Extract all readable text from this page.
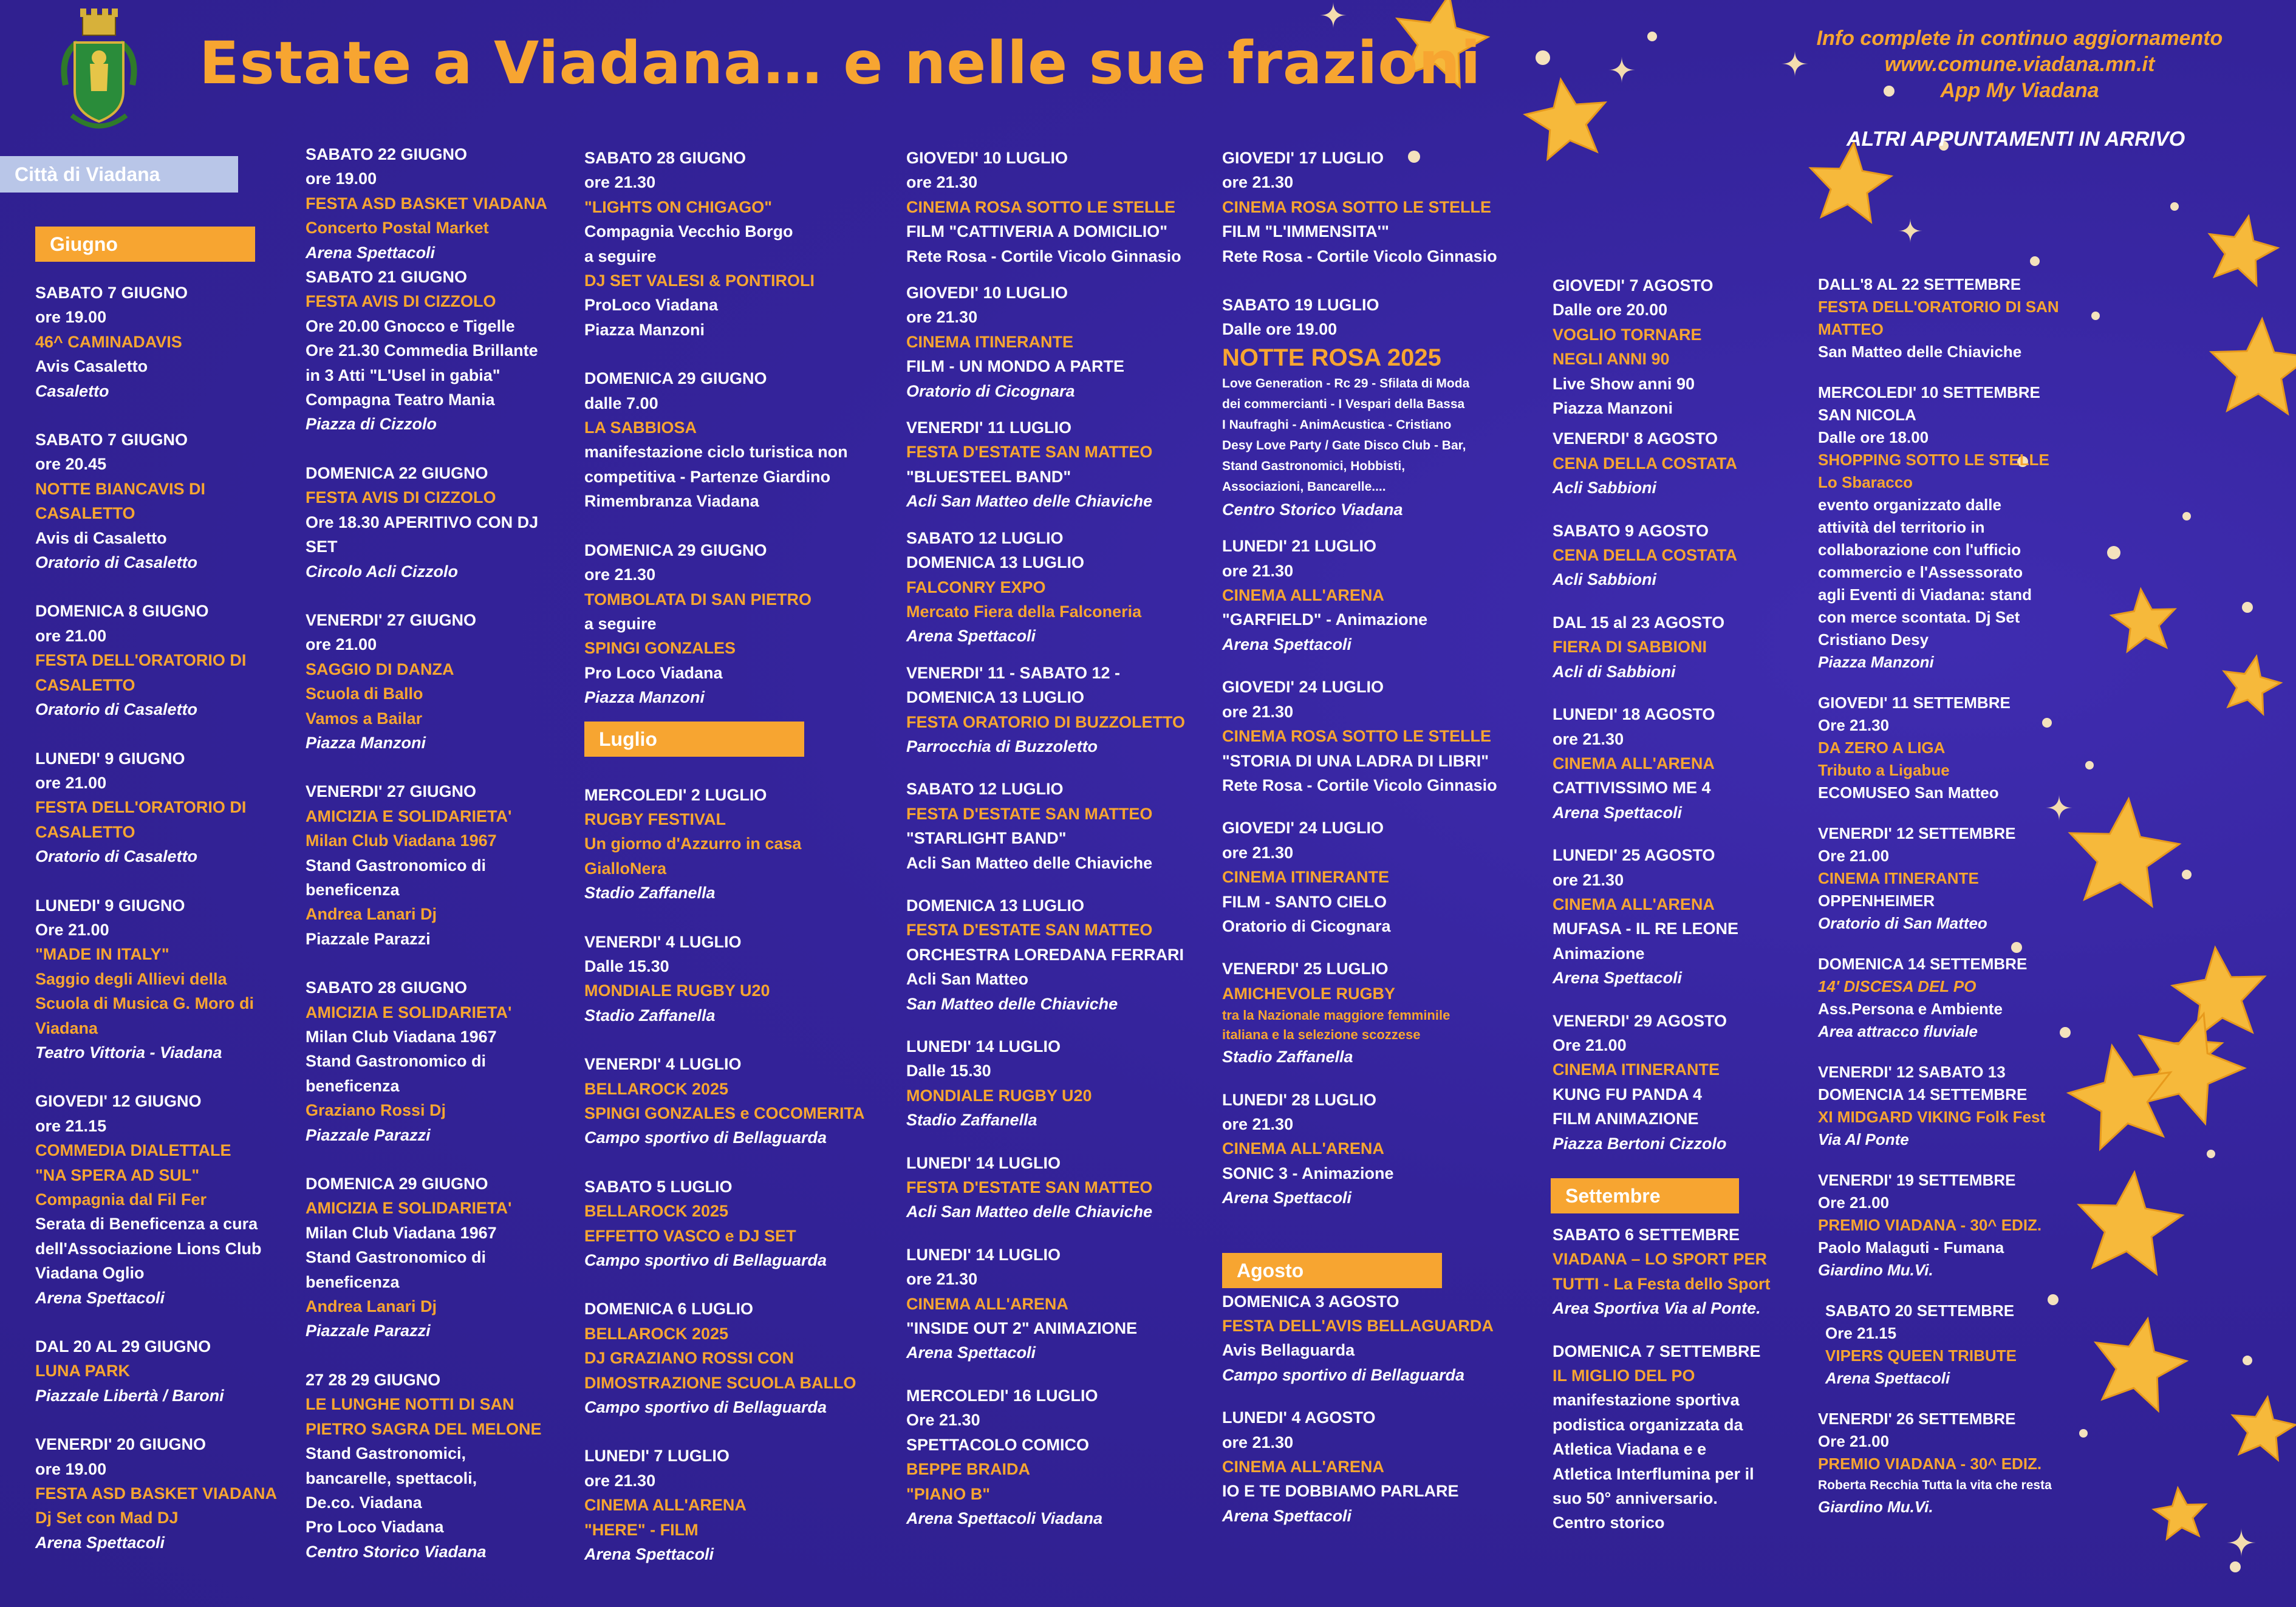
Estate a Viadana… e nelle sue frazioni	Info complete in continuo aggiornamento
www.comune.viadana.mn.it
App My Viadana
ALTRI APPUNTAMENTI IN ARRIVO
Città di Viadana
Giugno
Luglio
Agosto
Settembre
SABATO 7 GIUGNO
ore 19.00
46^ CAMINADAVIS
Avis Casaletto
Casaletto
SABATO 7 GIUGNO
ore 20.45
NOTTE BIANCAVIS DI
CASALETTO
Avis di Casaletto
Oratorio di Casaletto
DOMENICA 8 GIUGNO
ore 21.00
FESTA DELL'ORATORIO DI
CASALETTO
Oratorio di Casaletto
LUNEDI' 9 GIUGNO
ore 21.00
FESTA DELL'ORATORIO DI
CASALETTO
Oratorio di Casaletto
LUNEDI' 9 GIUGNO
Ore 21.00
"MADE IN ITALY"
Saggio degli Allievi della
Scuola di Musica G. Moro di
Viadana
Teatro Vittoria - Viadana
GIOVEDI' 12 GIUGNO
ore 21.15
COMMEDIA DIALETTALE
"NA SPERA AD SUL"
Compagnia dal Fil Fer
Serata di Beneficenza a cura
dell'Associazione Lions Club
Viadana Oglio
Arena Spettacoli
DAL 20 AL 29 GIUGNO
LUNA PARK
Piazzale Libertà / Baroni
VENERDI' 20 GIUGNO
ore 19.00
FESTA ASD BASKET VIADANA
Dj Set con Mad DJ
Arena Spettacoli
SABATO 22 GIUGNO
ore 19.00
FESTA ASD BASKET VIADANA
Concerto Postal Market
Arena Spettacoli
SABATO 21 GIUGNO
FESTA AVIS DI CIZZOLO
Ore 20.00 Gnocco e Tigelle
Ore 21.30 Commedia Brillante
in 3 Atti "L'Usel in gabia"
Compagna Teatro Mania
Piazza di Cizzolo
DOMENICA 22 GIUGNO
FESTA AVIS DI CIZZOLO
Ore 18.30 APERITIVO CON DJ
SET
Circolo Acli Cizzolo
VENERDI' 27 GIUGNO
ore 21.00
SAGGIO DI DANZA
Scuola di Ballo
Vamos a Bailar
Piazza Manzoni
VENERDI' 27 GIUGNO
AMICIZIA E SOLIDARIETA'
Milan Club Viadana 1967
Stand Gastronomico di
beneficenza
Andrea Lanari Dj
Piazzale Parazzi
SABATO 28 GIUGNO
AMICIZIA E SOLIDARIETA'
Milan Club Viadana 1967
Stand Gastronomico di
beneficenza
Graziano Rossi Dj
Piazzale Parazzi
DOMENICA 29 GIUGNO
AMICIZIA E SOLIDARIETA'
Milan Club Viadana 1967
Stand Gastronomico di
beneficenza
Andrea Lanari Dj
Piazzale Parazzi
27 28 29 GIUGNO
LE LUNGHE NOTTI DI SAN
PIETRO SAGRA DEL MELONE
Stand Gastronomici,
bancarelle, spettacoli,
De.co. Viadana
Pro Loco Viadana
Centro Storico Viadana
SABATO 28 GIUGNO
ore 21.30
"LIGHTS ON CHIGAGO"
Compagnia Vecchio Borgo
a seguire
DJ SET VALESI & PONTIROLI
ProLoco Viadana
Piazza Manzoni
DOMENICA 29 GIUGNO
dalle 7.00
LA SABBIOSA
manifestazione ciclo turistica non
competitiva - Partenze Giardino
Rimembranza Viadana
DOMENICA 29 GIUGNO
ore 21.30
TOMBOLATA DI SAN PIETRO
a seguire
SPINGI GONZALES
Pro Loco Viadana
Piazza Manzoni
MERCOLEDI' 2 LUGLIO
RUGBY FESTIVAL
Un giorno d'Azzurro in casa
GialloNera
Stadio Zaffanella
VENERDI' 4 LUGLIO
Dalle 15.30
MONDIALE RUGBY U20
Stadio Zaffanella
VENERDI' 4 LUGLIO
BELLAROCK 2025
SPINGI GONZALES e COCOMERITA
Campo sportivo di Bellaguarda
SABATO 5 LUGLIO
BELLAROCK 2025
EFFETTO VASCO e DJ SET
Campo sportivo di Bellaguarda
DOMENICA 6 LUGLIO
BELLAROCK 2025
DJ GRAZIANO ROSSI CON
DIMOSTRAZIONE SCUOLA BALLO
Campo sportivo di Bellaguarda
LUNEDI' 7 LUGLIO
ore 21.30
CINEMA ALL'ARENA
"HERE" - FILM
Arena Spettacoli
GIOVEDI' 10 LUGLIO
ore 21.30
CINEMA ROSA SOTTO LE STELLE
FILM "CATTIVERIA A DOMICILIO"
Rete Rosa - Cortile Vicolo Ginnasio
GIOVEDI' 10 LUGLIO
ore 21.30
CINEMA ITINERANTE
FILM - UN MONDO A PARTE
Oratorio di Cicognara
VENERDI' 11 LUGLIO
FESTA D'ESTATE SAN MATTEO
"BLUESTEEL BAND"
Acli San Matteo delle Chiaviche
SABATO 12 LUGLIO
DOMENICA 13 LUGLIO
FALCONRY EXPO
Mercato Fiera della Falconeria
Arena Spettacoli
VENERDI' 11 - SABATO 12 -
DOMENICA 13 LUGLIO
FESTA ORATORIO DI BUZZOLETTO
Parrocchia di Buzzoletto
SABATO 12 LUGLIO
FESTA D'ESTATE SAN MATTEO
"STARLIGHT BAND"
Acli San Matteo delle Chiaviche
DOMENICA 13 LUGLIO
FESTA D'ESTATE SAN MATTEO
ORCHESTRA LOREDANA FERRARI
Acli San Matteo
San Matteo delle Chiaviche
LUNEDI' 14 LUGLIO
Dalle 15.30
MONDIALE RUGBY U20
Stadio Zaffanella
LUNEDI' 14 LUGLIO
FESTA D'ESTATE SAN MATTEO
Acli San Matteo delle Chiaviche
LUNEDI' 14 LUGLIO
ore 21.30
CINEMA ALL'ARENA
"INSIDE OUT 2" ANIMAZIONE
Arena Spettacoli
MERCOLEDI' 16 LUGLIO
Ore 21.30
SPETTACOLO COMICO
BEPPE BRAIDA
"PIANO B"
Arena Spettacoli Viadana
GIOVEDI' 17 LUGLIO
ore 21.30
CINEMA ROSA SOTTO LE STELLE
FILM "L'IMMENSITA'"
Rete Rosa - Cortile Vicolo Ginnasio
SABATO 19 LUGLIO
Dalle ore 19.00
NOTTE ROSA 2025
Love Generation - Rc 29 - Sfilata di Moda
dei commercianti - I Vespari della Bassa
I Naufraghi - AnimAcustica - Cristiano
Desy Love Party / Gate Disco Club - Bar,
Stand Gastronomici, Hobbisti,
Associazioni, Bancarelle....
Centro Storico Viadana
LUNEDI' 21 LUGLIO
ore 21.30
CINEMA ALL'ARENA
"GARFIELD" - Animazione
Arena Spettacoli
GIOVEDI' 24 LUGLIO
ore 21.30
CINEMA ROSA SOTTO LE STELLE
"STORIA DI UNA LADRA DI LIBRI"
Rete Rosa - Cortile Vicolo Ginnasio
GIOVEDI' 24 LUGLIO
ore 21.30
CINEMA ITINERANTE
FILM - SANTO CIELO
Oratorio di Cicognara
VENERDI' 25 LUGLIO
AMICHEVOLE RUGBY
tra la Nazionale maggiore femminile
italiana e la selezione scozzese
Stadio Zaffanella
LUNEDI' 28 LUGLIO
ore 21.30
CINEMA ALL'ARENA
SONIC 3 - Animazione
Arena Spettacoli
DOMENICA 3 AGOSTO
FESTA DELL'AVIS BELLAGUARDA
Avis Bellaguarda
Campo sportivo di Bellaguarda
LUNEDI' 4 AGOSTO
ore 21.30
CINEMA ALL'ARENA
IO E TE DOBBIAMO PARLARE
Arena Spettacoli
GIOVEDI' 7 AGOSTO
Dalle ore 20.00
VOGLIO TORNARE
NEGLI ANNI 90
Live Show anni 90
Piazza Manzoni
VENERDI' 8 AGOSTO
CENA DELLA COSTATA
Acli Sabbioni
SABATO 9 AGOSTO
CENA DELLA COSTATA
Acli Sabbioni
DAL 15 al 23 AGOSTO
FIERA DI SABBIONI
Acli di Sabbioni
LUNEDI' 18 AGOSTO
ore 21.30
CINEMA ALL'ARENA
CATTIVISSIMO ME 4
Arena Spettacoli
LUNEDI' 25 AGOSTO
ore 21.30
CINEMA ALL'ARENA
MUFASA - IL RE LEONE
Animazione
Arena Spettacoli
VENERDI' 29 AGOSTO
Ore 21.00
CINEMA ITINERANTE
KUNG FU PANDA 4
FILM ANIMAZIONE
Piazza Bertoni Cizzolo
SABATO 6 SETTEMBRE
VIADANA – LO SPORT PER
TUTTI - La Festa dello Sport
Area Sportiva Via al Ponte.
DOMENICA 7 SETTEMBRE
IL MIGLIO DEL PO
manifestazione sportiva
podistica organizzata da
Atletica Viadana e e
Atletica Interflumina per il
suo 50° anniversario.
Centro storico
DALL'8 AL 22 SETTEMBRE
FESTA DELL'ORATORIO DI SAN
MATTEO
San Matteo delle Chiaviche
MERCOLEDI' 10 SETTEMBRE
SAN NICOLA
Dalle ore 18.00
SHOPPING SOTTO LE STELLE
Lo Sbaracco
evento organizzato dalle
attività del territorio in
collaborazione con l'ufficio
commercio e l'Assessorato
agli Eventi di Viadana: stand
con merce scontata. Dj Set
Cristiano Desy
Piazza Manzoni
GIOVEDI' 11 SETTEMBRE
Ore 21.30
DA ZERO A LIGA
Tributo a Ligabue
ECOMUSEO San Matteo
VENERDI' 12 SETTEMBRE
Ore 21.00
CINEMA ITINERANTE
OPPENHEIMER
Oratorio di San Matteo
DOMENICA 14 SETTEMBRE
14' DISCESA DEL PO
Ass.Persona e Ambiente
Area attracco fluviale
VENERDI' 12 SABATO 13
DOMENCIA 14 SETTEMBRE
XI MIDGARD VIKING Folk Fest
Via Al Ponte
VENERDI' 19 SETTEMBRE
Ore 21.00
PREMIO VIADANA - 30^ EDIZ.
Paolo Malaguti - Fumana
Giardino Mu.Vi.
SABATO 20 SETTEMBRE
Ore 21.15
VIPERS QUEEN TRIBUTE
Arena Spettacoli
VENERDI' 26 SETTEMBRE
Ore 21.00
PREMIO VIADANA - 30^ EDIZ.
Roberta Recchia Tutta la vita che resta
Giardino Mu.Vi.
